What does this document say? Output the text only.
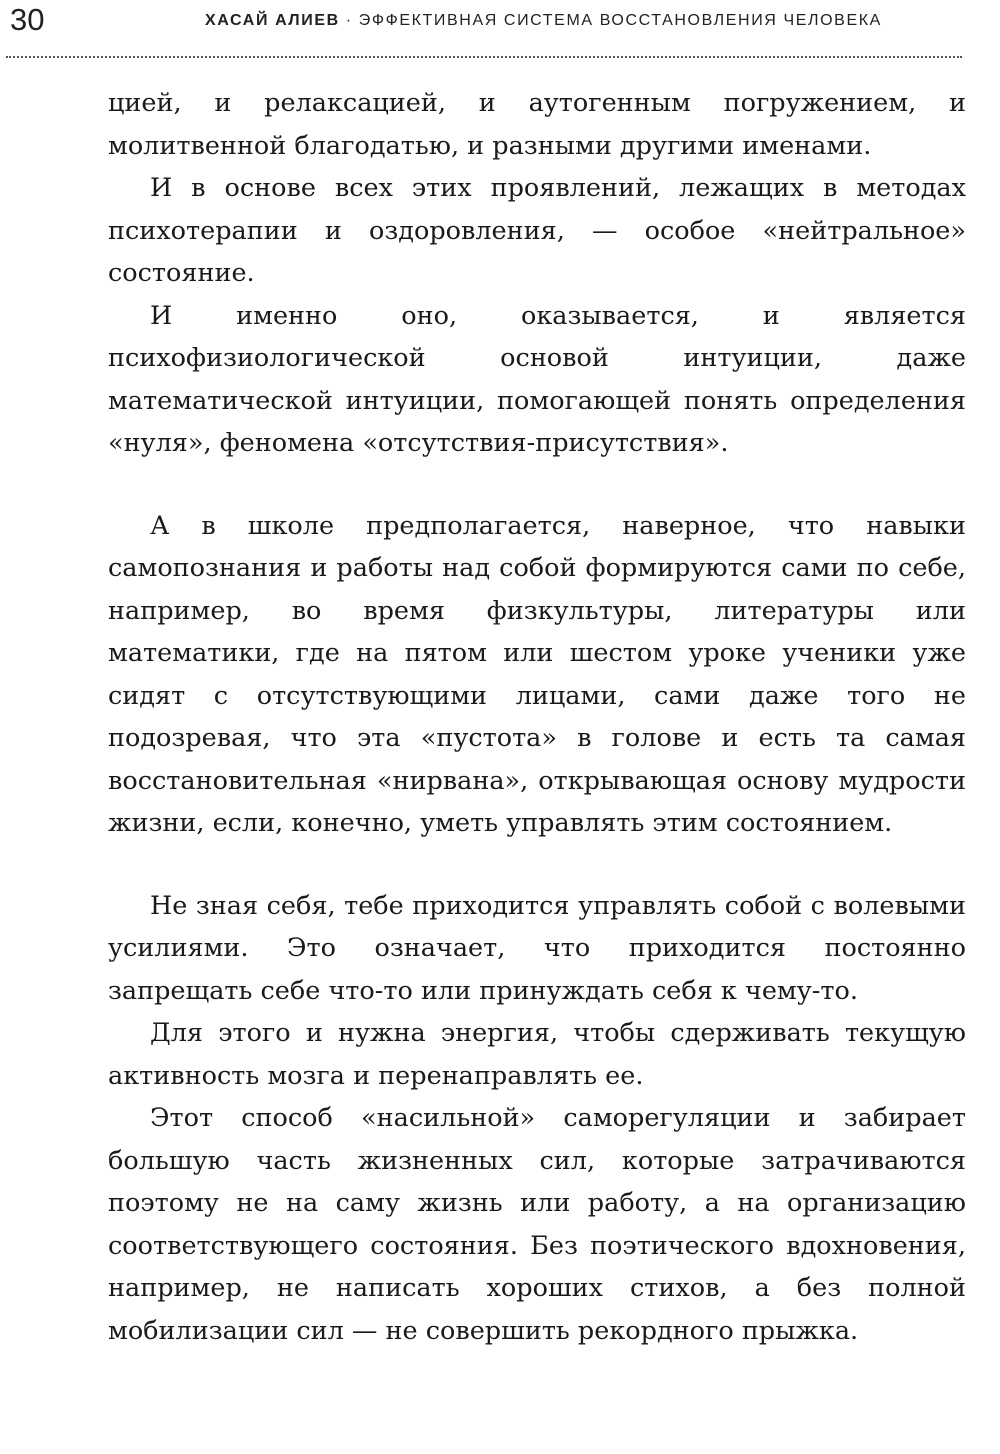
30	ХАСАЙ АЛИЕВ · ЭФФЕКТИВНАЯ СИСТЕМА ВОССТАНОВЛЕНИЯ ЧЕЛОВЕКА

цией, и релаксацией, и аутогенным погружением, и молитвенной благодатью, и разными другими именами.

И в основе всех этих проявлений, лежащих в методах психотерапии и оздоровления, — особое «нейтральное» состояние.

И именно оно, оказывается, и является психофизиологической основой интуиции, даже математической интуиции, помогающей понять определения «нуля», феномена «отсутствия-присутствия».

А в школе предполагается, наверное, что навыки самопознания и работы над собой формируются сами по себе, например, во время физкультуры, литературы или математики, где на пятом или шестом уроке ученики уже сидят с отсутствующими лицами, сами даже того не подозревая, что эта «пустота» в голове и есть та самая восстановительная «нирвана», открывающая основу мудрости жизни, если, конечно, уметь управлять этим состоянием.

Не зная себя, тебе приходится управлять собой с волевыми усилиями. Это означает, что приходится постоянно запрещать себе что-то или принуждать себя к чему-то.

Для этого и нужна энергия, чтобы сдерживать текущую активность мозга и перенаправлять ее.

Этот способ «насильной» саморегуляции и забирает большую часть жизненных сил, которые затрачиваются поэтому не на саму жизнь или работу, а на организацию соответствующего состояния. Без поэтического вдохновения, например, не написать хороших стихов, а без полной мобилизации сил — не совершить рекордного прыжка.
